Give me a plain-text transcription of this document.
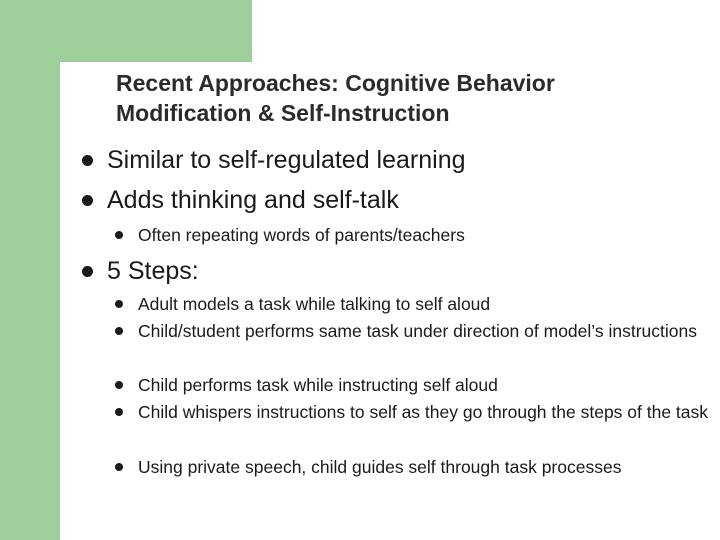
Recent Approaches: Cognitive Behavior
Modification & Self-Instruction
Similar to self-regulated learning
Adds thinking and self-talk
Often repeating words of parents/teachers
5 Steps:
Adult models a task while talking to self aloud
Child/student performs same task under direction of model’s instructions
Child performs task while instructing self aloud
Child whispers instructions to self as they go through the steps of the task
Using private speech, child guides self through task processes
